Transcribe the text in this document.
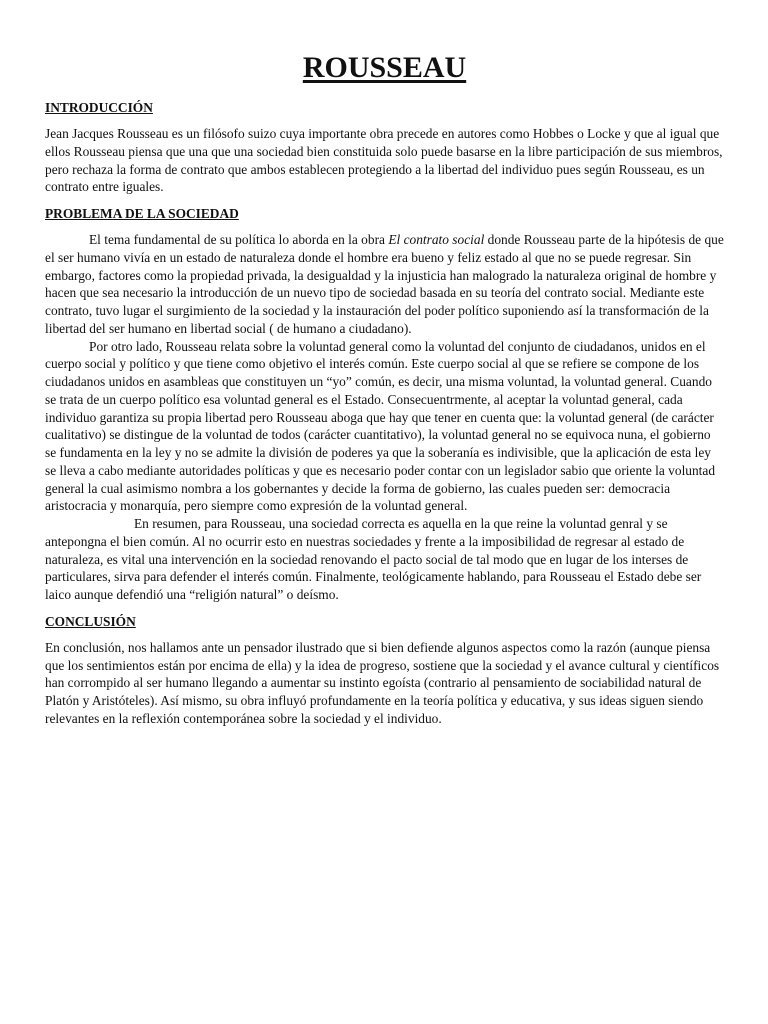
ROUSSEAU
INTRODUCCIÓN

Jean Jacques Rousseau es un filósofo suizo cuya importante obra precede en autores como Hobbes o Locke y que al igual que ellos Rousseau piensa que una que una sociedad bien constituida solo puede basarse en la libre participación de sus miembros, pero rechaza la forma de contrato que ambos establecen protegiendo a la libertad del individuo pues según Rousseau, es un contrato entre iguales.

PROBLEMA DE LA SOCIEDAD

El tema fundamental de su política lo aborda en la obra El contrato social donde Rousseau parte de la hipótesis de que el ser humano vivía en un estado de naturaleza donde el hombre era bueno y feliz estado al que no se puede regresar. Sin embargo, factores como la propiedad privada, la desigualdad y la injusticia han malogrado la naturaleza original de hombre y hacen que sea necesario la introducción de un nuevo tipo de sociedad basada en su teoría del contrato social. Mediante este contrato, tuvo lugar el surgimiento de la sociedad y la instauración del poder político suponiendo así la transformación de la libertad del ser humano en libertad social ( de humano a ciudadano).

Por otro lado, Rousseau relata sobre la voluntad general como la voluntad del conjunto de ciudadanos, unidos en el cuerpo social y político y que tiene como objetivo el interés común. Este cuerpo social al que se refiere se compone de los ciudadanos unidos en asambleas que constituyen un “yo” común, es decir, una misma voluntad, la voluntad general. Cuando se trata de un cuerpo político esa voluntad general es el Estado. Consecuentrmente, al aceptar la voluntad general, cada individuo garantiza su propia libertad pero Rousseau aboga que hay que tener en cuenta que: la voluntad general (de carácter cualitativo) se distingue de la voluntad de todos (carácter cuantitativo), la voluntad general no se equivoca nuna, el gobierno se fundamenta en la ley y no se admite la división de poderes ya que la soberanía es indivisible, que la aplicación de esta ley se lleva a cabo mediante autoridades políticas y que es necesario poder contar con un legislador sabio que oriente la voluntad general la cual asimismo nombra a los gobernantes y decide la forma de gobierno, las cuales pueden ser: democracia aristocracia y monarquía, pero siempre como expresión de la voluntad general.

En resumen, para Rousseau, una sociedad correcta es aquella en la que reine la voluntad genral y se antepongna el bien común. Al no ocurrir esto en nuestras sociedades y frente a la imposibilidad de regresar al estado de naturaleza, es vital una intervención en la sociedad renovando el pacto social de tal modo que en lugar de los interses de particulares, sirva para defender el interés común. Finalmente, teológicamente hablando, para Rousseau el Estado debe ser laico aunque defendió una “religión natural” o deísmo.

CONCLUSIÓN

En conclusión, nos hallamos ante un pensador ilustrado que si bien defiende algunos aspectos como la razón (aunque piensa que los sentimientos están por encima de ella) y la idea de progreso, sostiene que la sociedad y el avance cultural y científicos han corrompido al ser humano llegando a aumentar su instinto egoísta (contrario al pensamiento de sociabilidad natural de Platón y Aristóteles). Así mismo, su obra influyó profundamente en la teoría política y educativa, y sus ideas siguen siendo relevantes en la reflexión contemporánea sobre la sociedad y el individuo.
